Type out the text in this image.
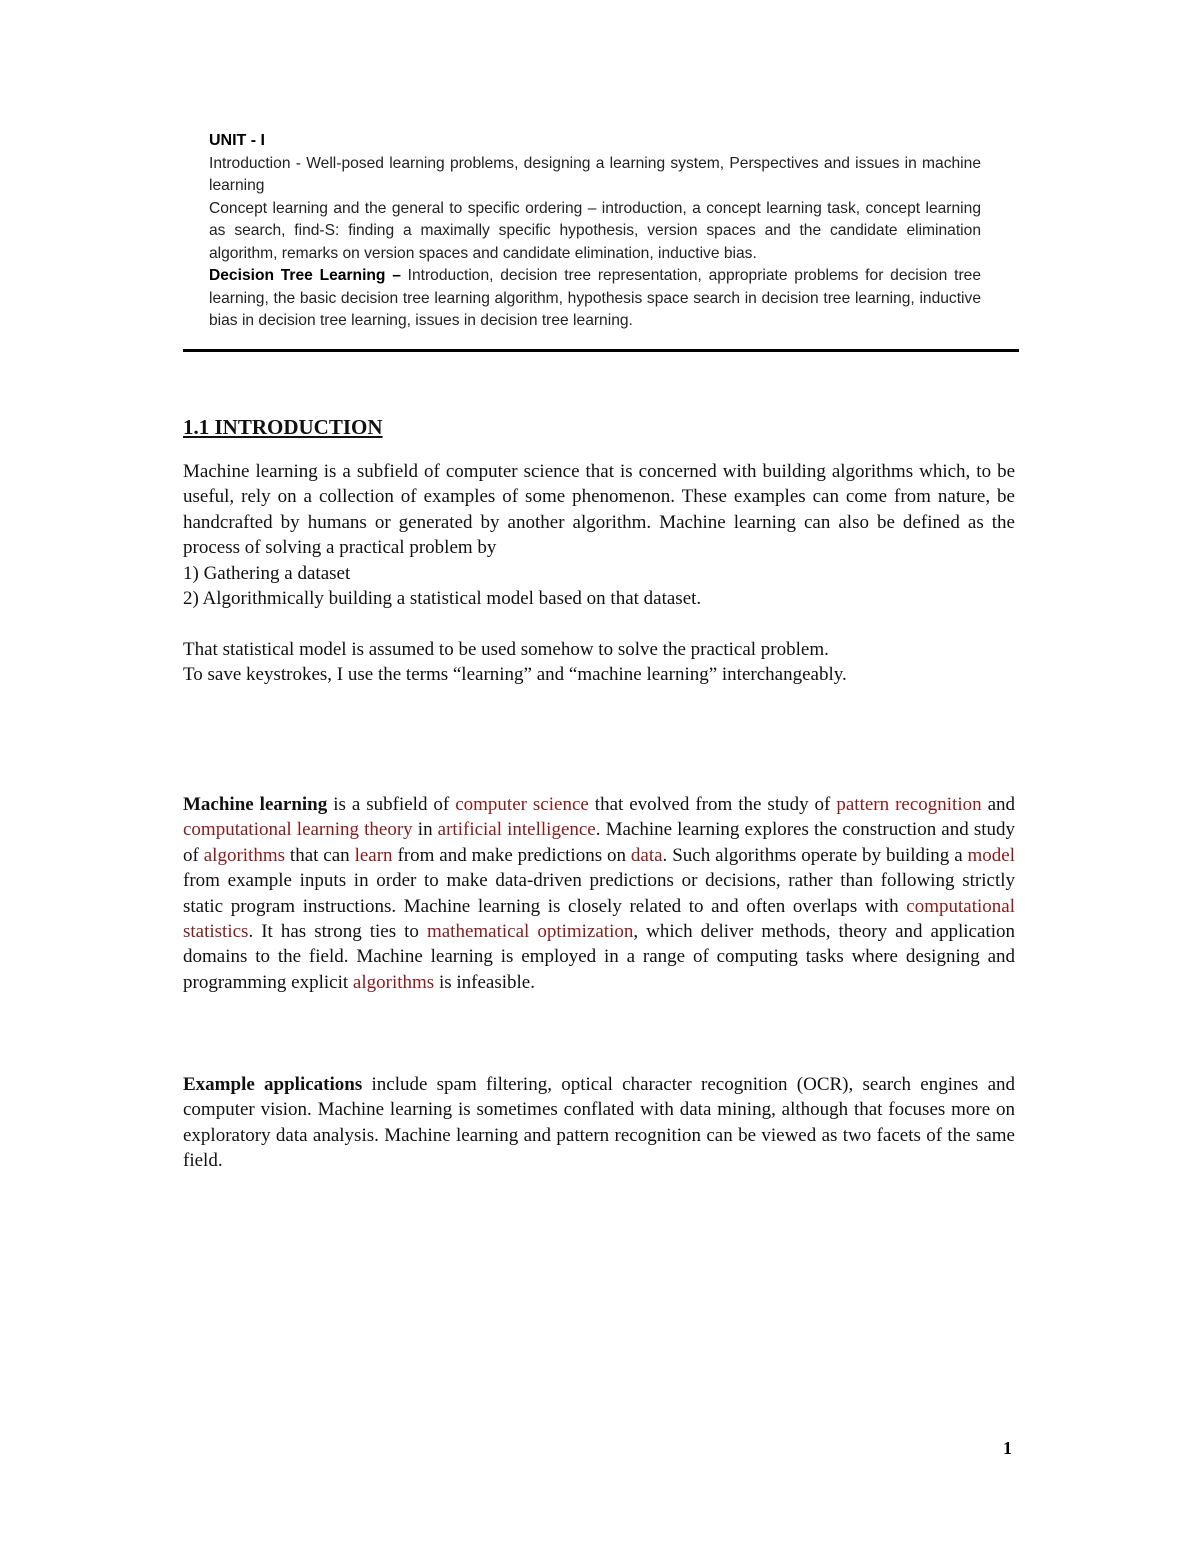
UNIT - I

Introduction - Well-posed learning problems, designing a learning system, Perspectives and issues in machine learning

Concept learning and the general to specific ordering – introduction, a concept learning task, concept learning as search, find-S: finding a maximally specific hypothesis, version spaces and the candidate elimination algorithm, remarks on version spaces and candidate elimination, inductive bias.

Decision Tree Learning – Introduction, decision tree representation, appropriate problems for decision tree learning, the basic decision tree learning algorithm, hypothesis space search in decision tree learning, inductive bias in decision tree learning, issues in decision tree learning.

1.1 INTRODUCTION

Machine learning is a subfield of computer science that is concerned with building algorithms which, to be useful, rely on a collection of examples of some phenomenon. These examples can come from nature, be handcrafted by humans or generated by another algorithm. Machine learning can also be defined as the process of solving a practical problem by

1) Gathering a dataset

2) Algorithmically building a statistical model based on that dataset.

That statistical model is assumed to be used somehow to solve the practical problem.

To save keystrokes, I use the terms “learning” and “machine learning” interchangeably.

Machine learning is a subfield of computer science that evolved from the study of pattern recognition and computational learning theory in artificial intelligence. Machine learning explores the construction and study of algorithms that can learn from and make predictions on data. Such algorithms operate by building a model from example inputs in order to make data-driven predictions or decisions, rather than following strictly static program instructions. Machine learning is closely related to and often overlaps with computational statistics. It has strong ties to mathematical optimization, which deliver methods, theory and application domains to the field. Machine learning is employed in a range of computing tasks where designing and programming explicit algorithms is infeasible.

Example applications include spam filtering, optical character recognition (OCR), search engines and computer vision. Machine learning is sometimes conflated with data mining, although that focuses more on exploratory data analysis. Machine learning and pattern recognition can be viewed as two facets of the same field.

1
